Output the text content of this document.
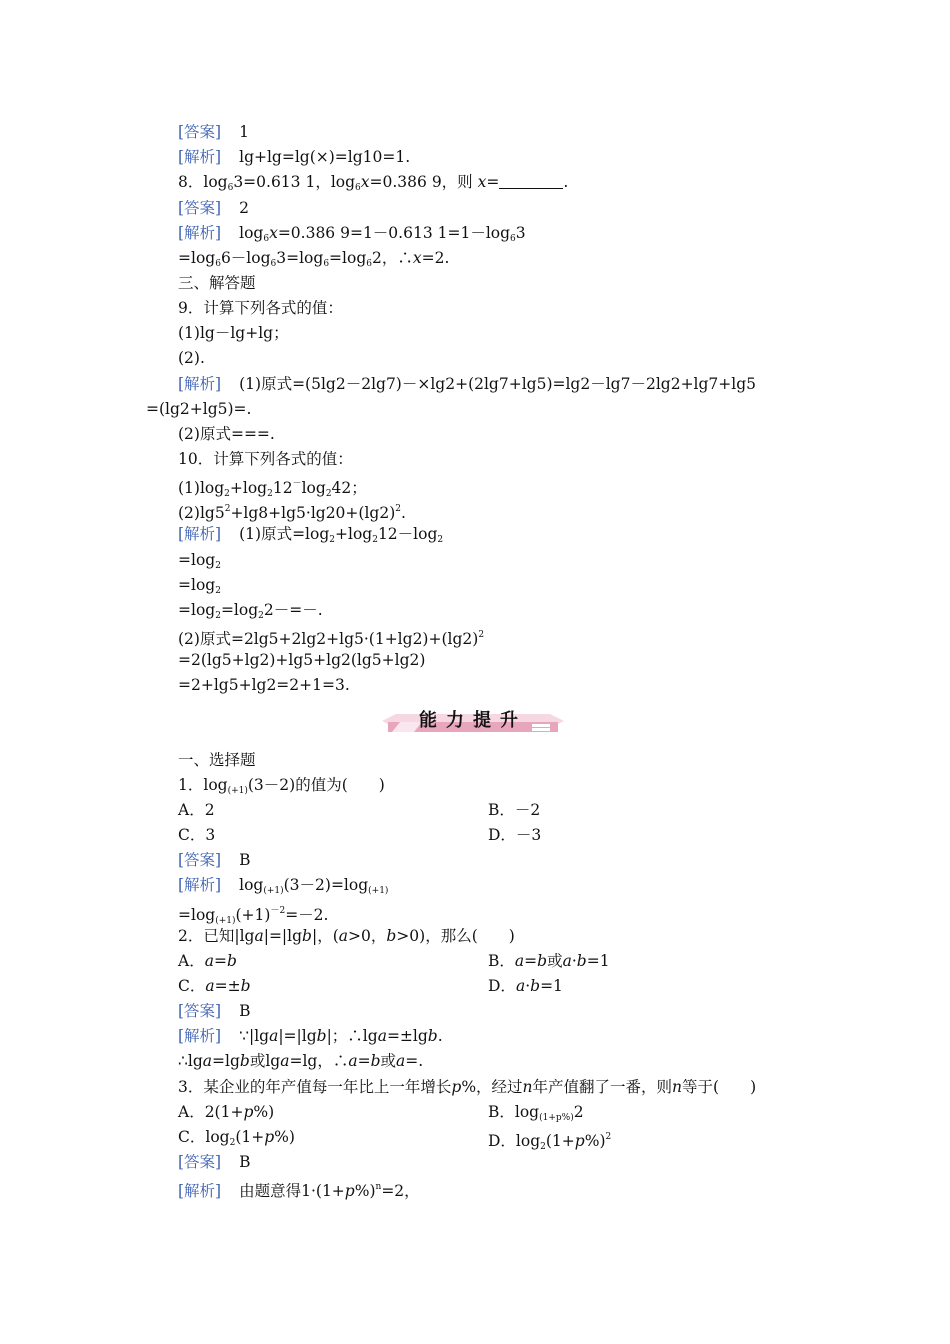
[答案] 1
[解析] lg+lg=lg(×)=lg10=1.
8．$\log_63=0.613$ 1，$\log_6x=0.386$ 9，则 x=	.
[答案] 2
[解析] $\log_6x=0.386$ 9=1－0.613 $1=1-\log_63$
$=\log_66-\log_63=\log_6=\log_62$，∴x=2.
三、解答题
9．计算下列各式的值：
(1)lg－lg+lg；
(2).
[解析] (1)原式=(5lg2－2lg7)－×lg2+(2lg7+lg5)=lg2－lg7－2lg2+lg7+lg5
=(lg2+lg5)=.
(2)原式===.
10．计算下列各式的值：
$(1)\log_2+\log_212^-\log_242$；
$(2)\lg 5^2+\lg 8+\lg 5\cdot\lg 20+(\lg 2)^2$.
[解析] (1)原式$=\log_2+\log_212-\log_2$
$=\log_2$
$=\log_2$
$=\log_2=\log_22-=-$.
(2)原式$=2\lg 5+2\lg 2+\lg 5\cdot(1+\lg 2)+(\lg 2)^2$
=2(lg5+lg2)+lg5+lg2(lg5+lg2)
=2+lg5+lg2=2+1=3.
能力提升
一、选择题
1．$\log_{(+1)}(3-2)$的值为(　　)
A．2	B．－2
C．3	D．－3
[答案] B
[解析] $\log_{(+1)}(3-2)=\log_{(+1)}$
$=\log_{(+1)}(+1)^{-2}=-2$.
2．已知|lga|=|lgb|，(a>0，b>0)，那么(　　)
A．a=b	B．a=b或a·b=1
C．a=±b	D．a·b=1
[答案] B
[解析] ∵|lga|=|lgb|；∴lga=±lgb.
∴lga=lgb或lga=lg，∴a=b或a=.
3．某企业的年产值每一年比上一年增长p%，经过n年产值翻了一番，则n等于(　　)
A．2(1+p%)	B．$\log_{(1+p\%)}2$
C．$\log_2(1+p\%)$	D．$\log_2(1+p\%)^2$
[答案] B
[解析] 由题意得$1\cdot(1+p\%)^n=2$，
